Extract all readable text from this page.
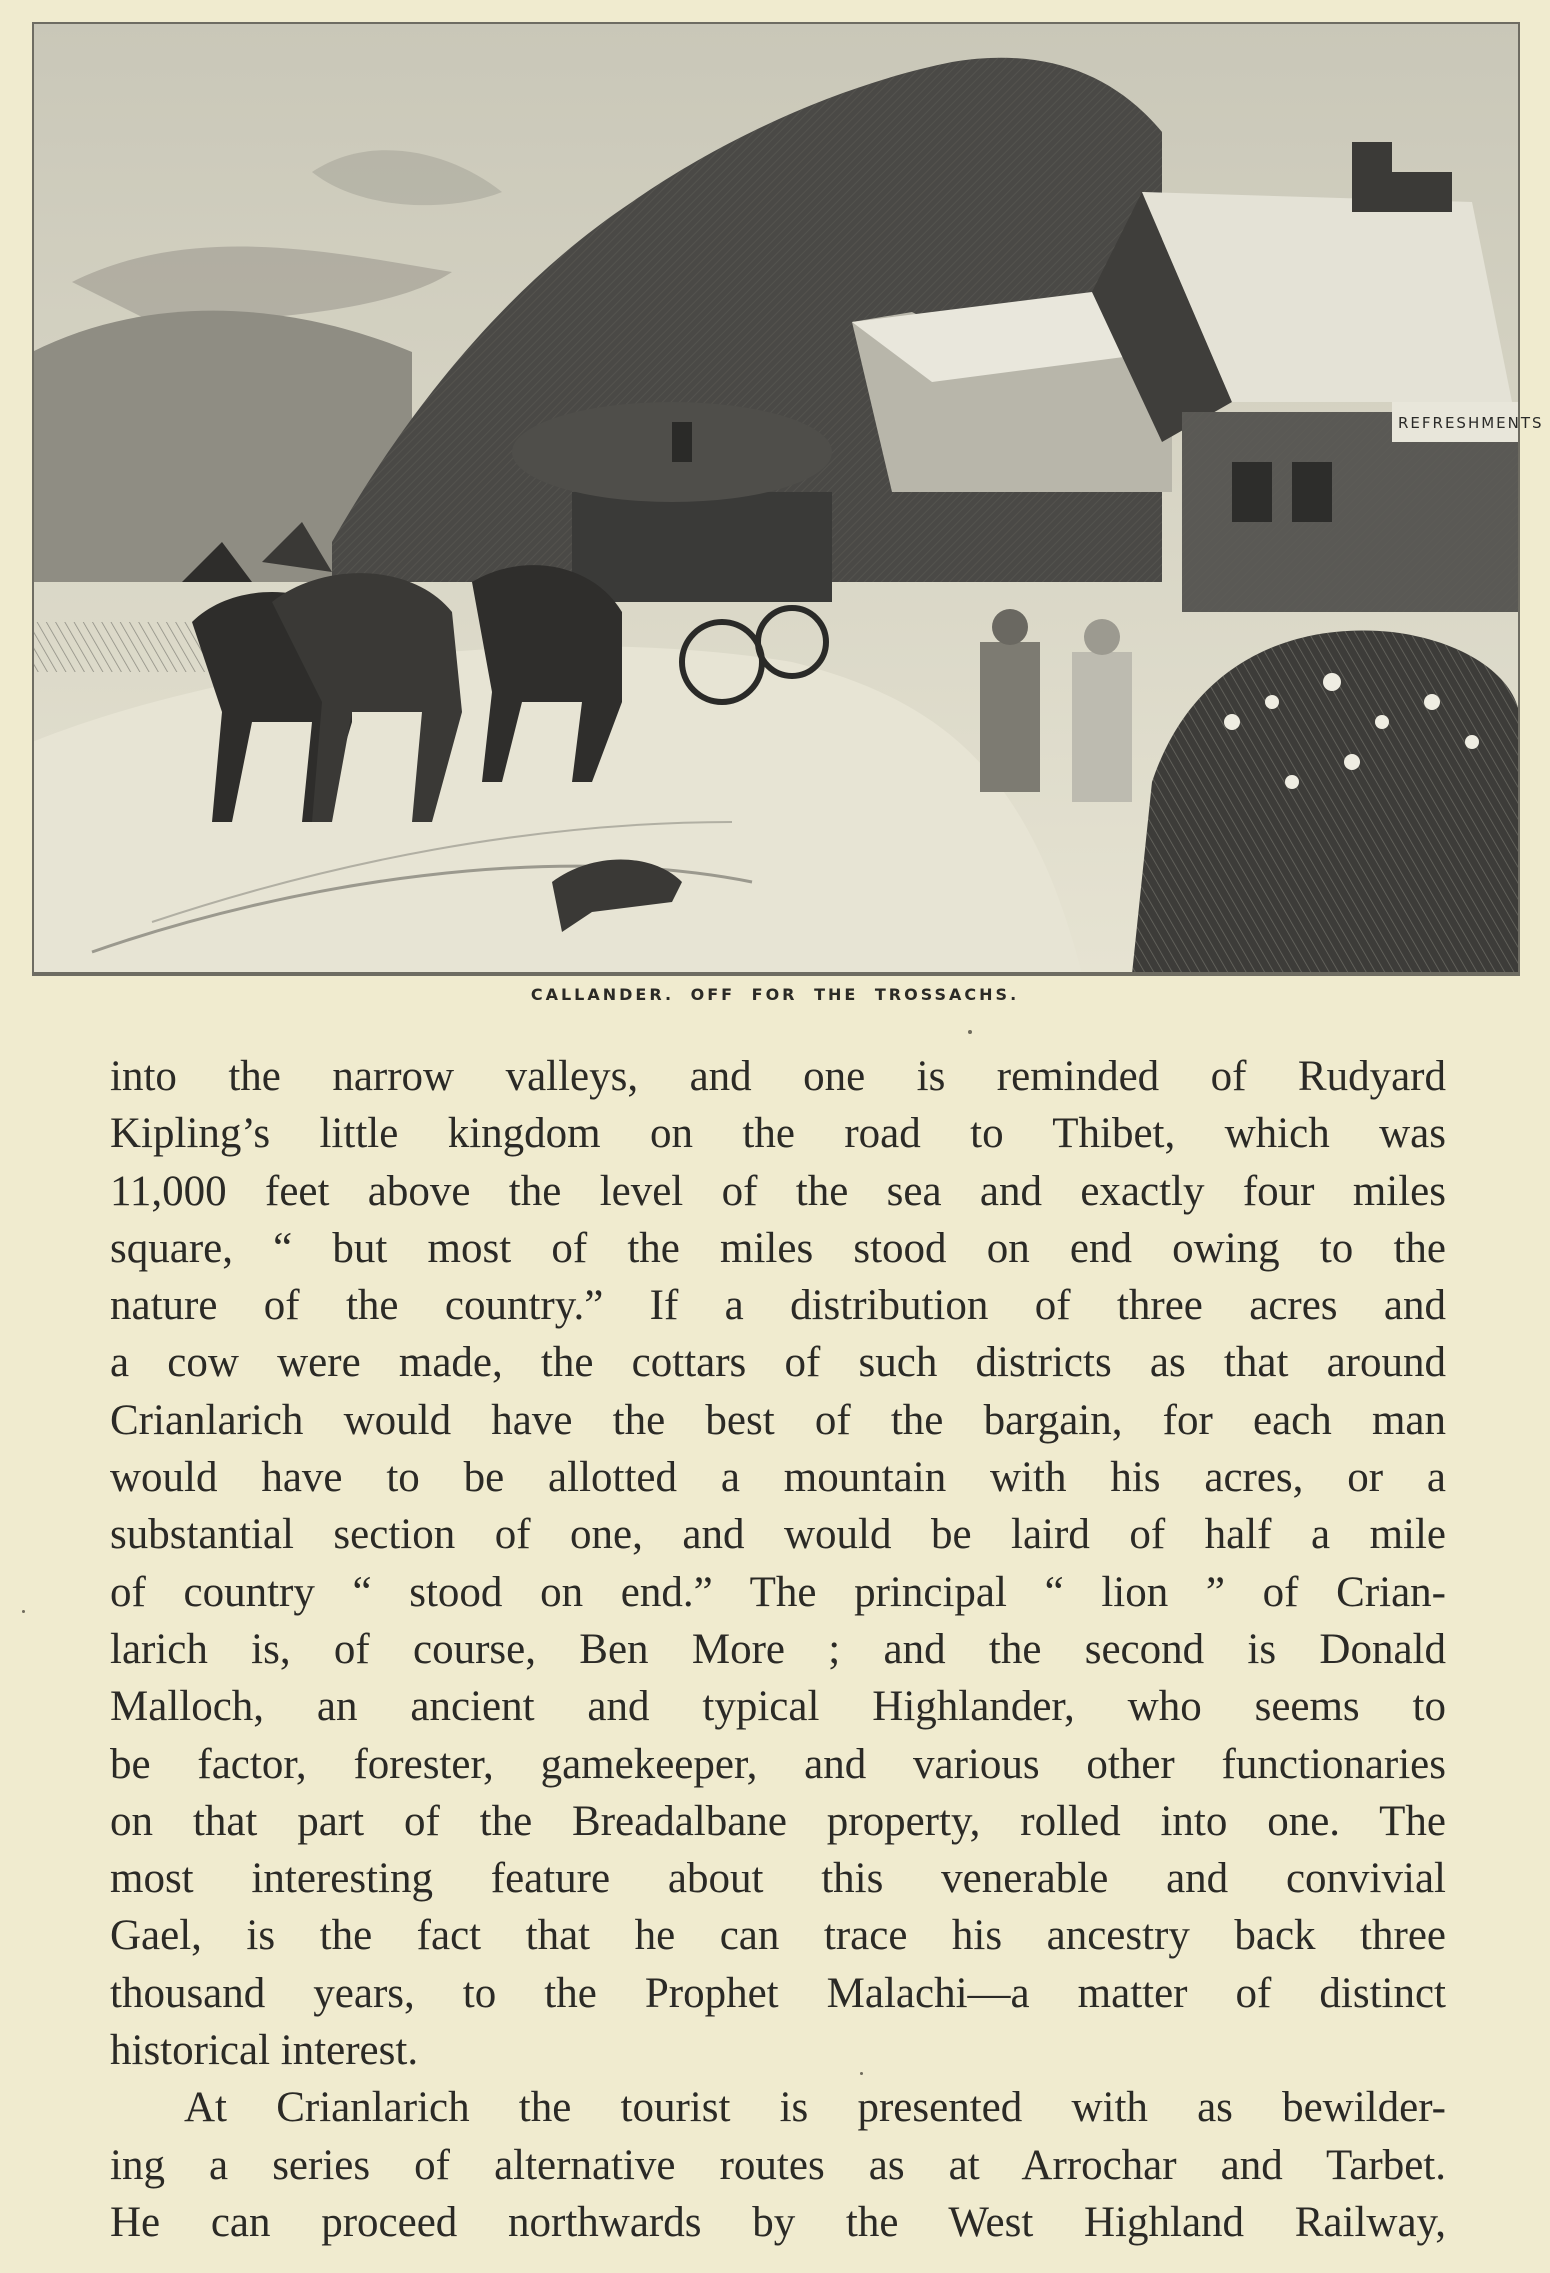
REFRESHMENTS
CALLANDER. OFF FOR THE TROSSACHS.
into the narrow valleys, and one is reminded of Rudyard
Kipling’s little kingdom on the road to Thibet, which was
11,000 feet above the level of the sea and exactly four miles
square, “ but most of the miles stood on end owing to the
nature of the country.” If a distribution of three acres and
a cow were made, the cottars of such districts as that around
Crianlarich would have the best of the bargain, for each man
would have to be allotted a mountain with his acres, or a
substantial section of one, and would be laird of half a mile
of country “ stood on end.” The principal “ lion ” of Crian-
larich is, of course, Ben More ; and the second is Donald
Malloch, an ancient and typical Highlander, who seems to
be factor, forester, gamekeeper, and various other functionaries
on that part of the Breadalbane property, rolled into one. The
most interesting feature about this venerable and convivial
Gael, is the fact that he can trace his ancestry back three
thousand years, to the Prophet Malachi—a matter of distinct
historical interest.
At Crianlarich the tourist is presented with as bewilder-
ing a series of alternative routes as at Arrochar and Tarbet.
He can proceed northwards by the West Highland Railway,
